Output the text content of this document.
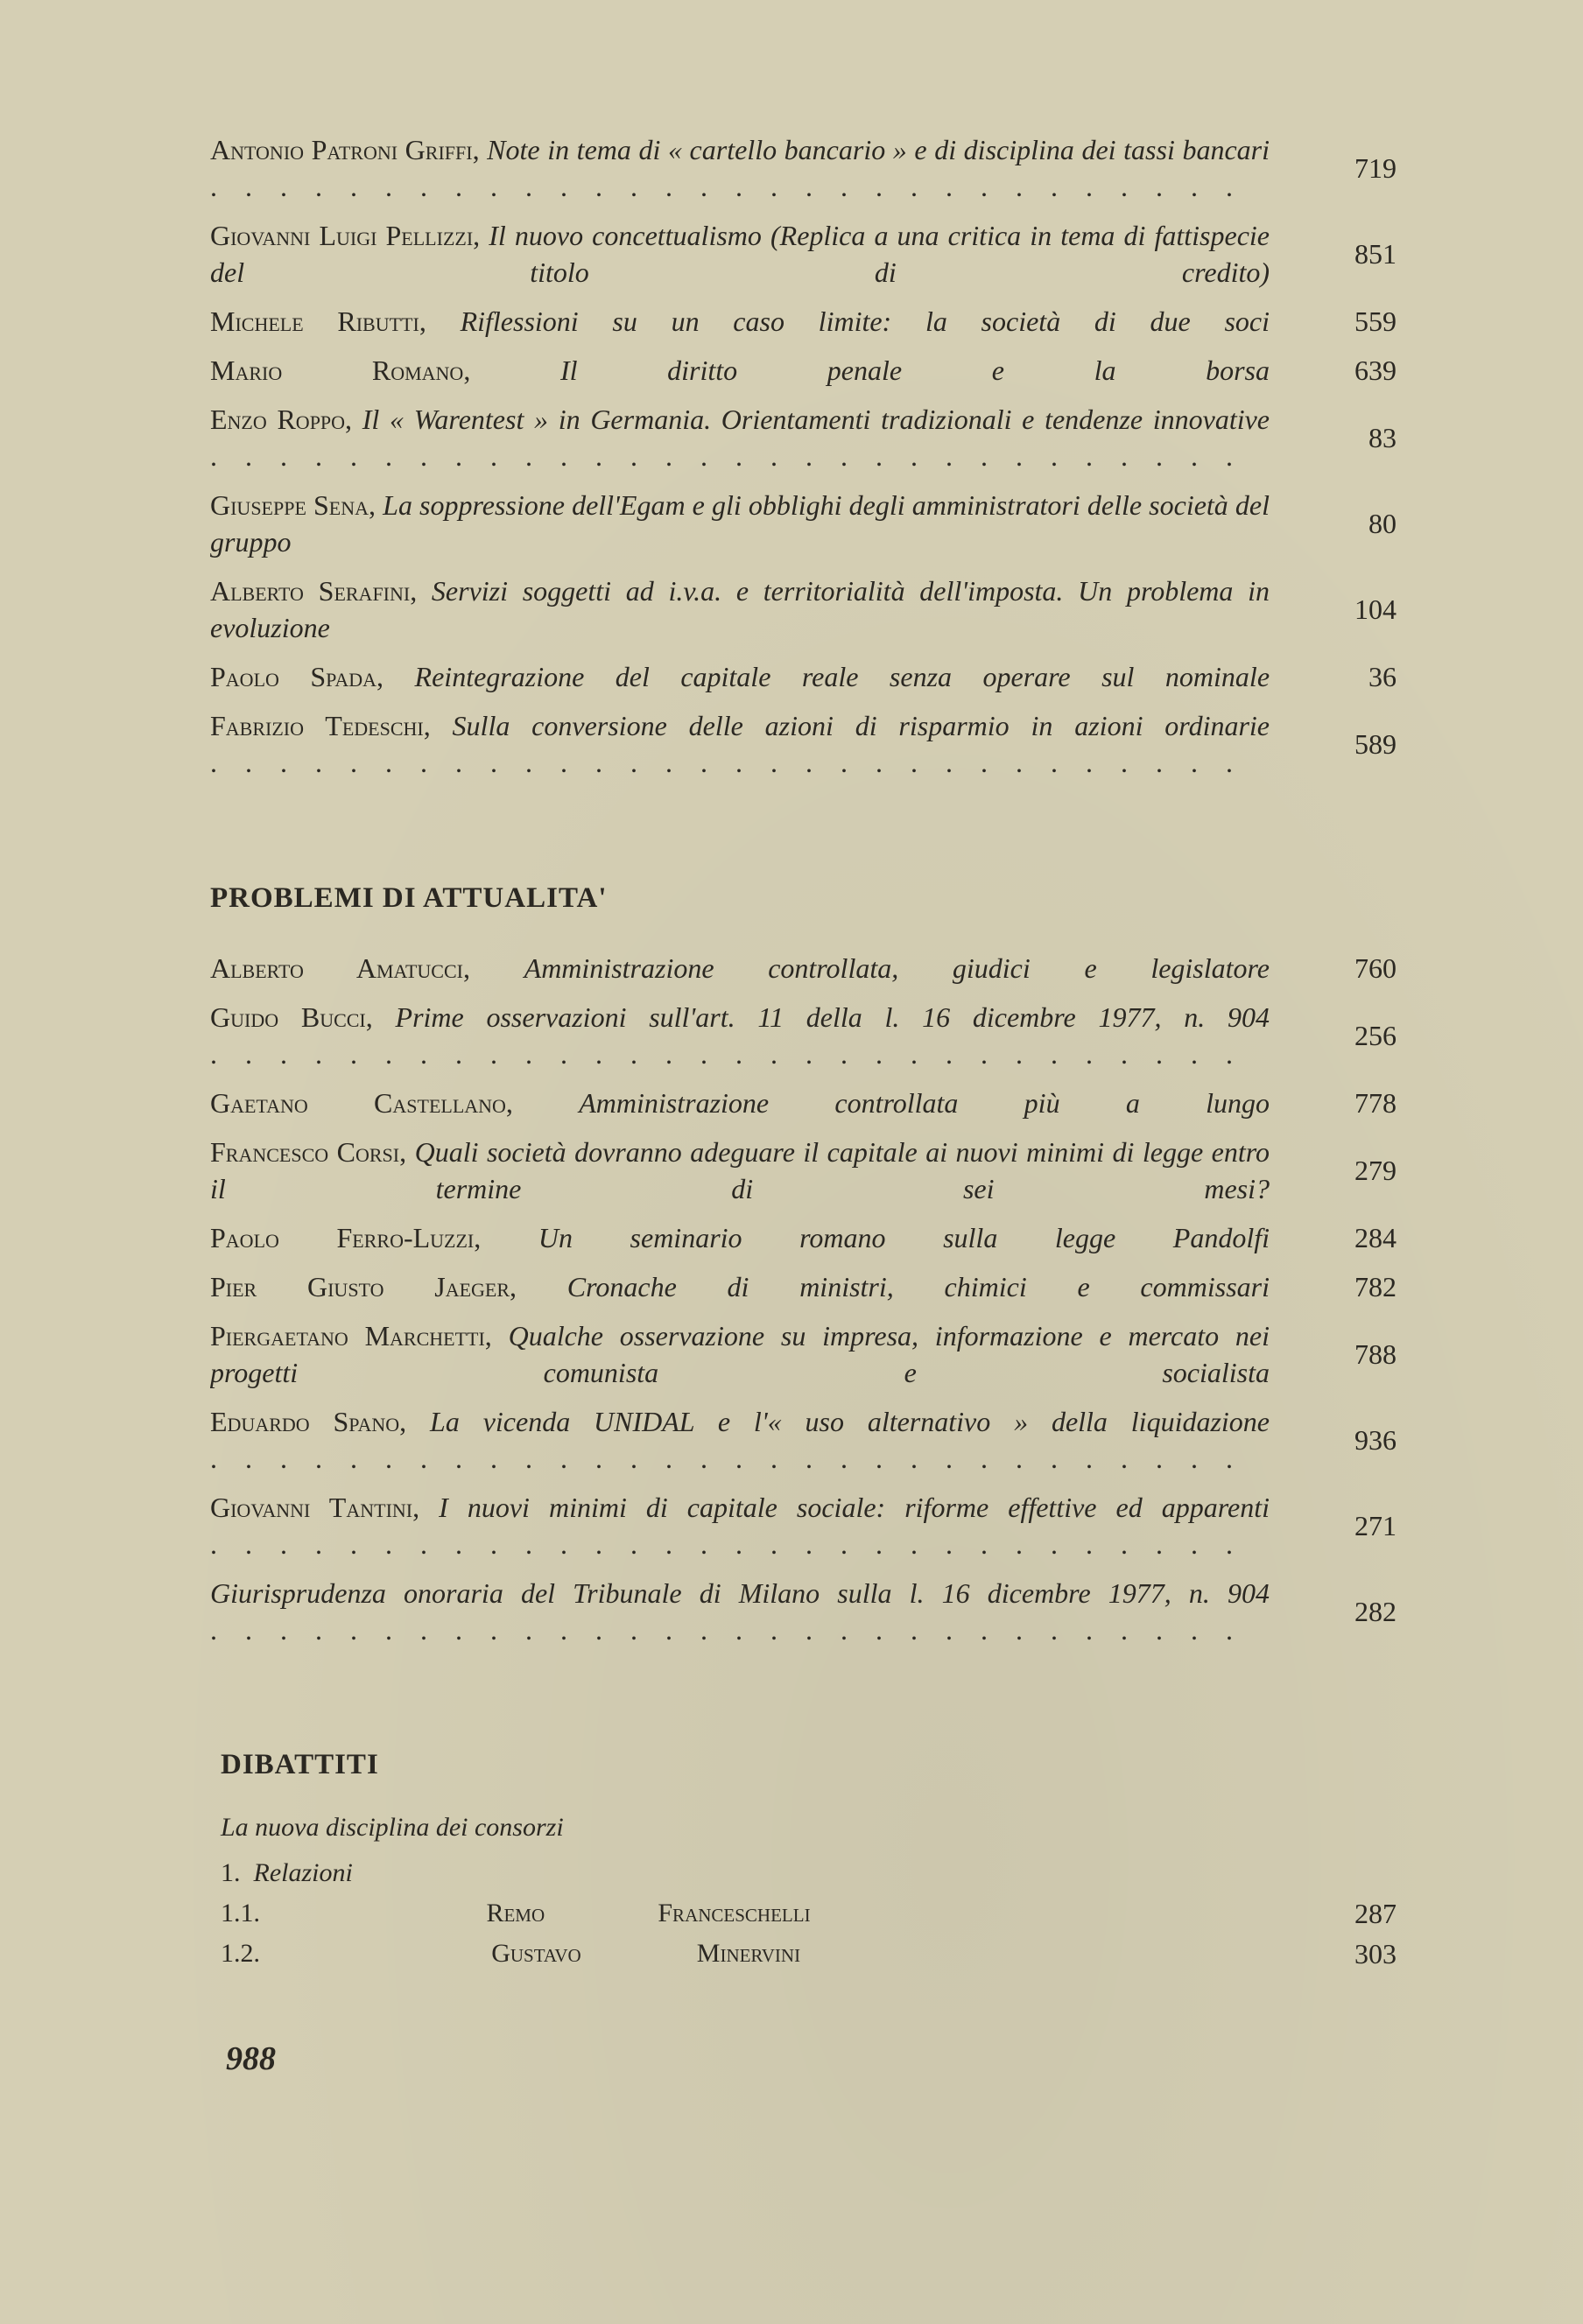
Antonio Patroni Griffi, Note in tema di « cartello bancario » e di disciplina dei tassi bancari .
719
Giovanni Luigi Pellizzi, Il nuovo concettualismo (Replica a una critica in tema di fattispecie del titolo di credito) .
851
Michele Ributti, Riflessioni su un caso limite: la società di due soci .	559
Mario Romano,	Il diritto penale e la borsa .	639
Enzo Roppo, Il « Warentest » in Germania. Orientamenti tradizionali e tendenze innovative .
83
Giuseppe Sena, La soppressione dell'Egam e gli obblighi degli amministratori delle società del gruppo .
80
Alberto Serafini, Servizi soggetti ad i.v.a. e territorialità dell'imposta. Un problema in evoluzione .
104
Paolo Spada, Reintegrazione del capitale reale senza operare sul nominale .	36
Fabrizio Tedeschi, Sulla conversione delle azioni di risparmio in azioni ordinarie .
589
PROBLEMI DI ATTUALITA'
Alberto Amatucci, Amministrazione controllata, giudici e legislatore .	760
Guido Bucci, Prime osservazioni sull'art. 11 della l. 16 dicembre 1977, n. 904 .
256
Gaetano Castellano, Amministrazione controllata più a lungo .	778
Francesco Corsi, Quali società dovranno adeguare il capitale ai nuovi minimi di legge entro il termine di sei mesi? .
279
Paolo Ferro-Luzzi, Un seminario romano sulla legge Pandolfi .	284
Pier Giusto Jaeger, Cronache di ministri, chimici e commissari .	782
Piergaetano Marchetti, Qualche osservazione su impresa, informazione e mercato nei progetti comunista e socialista .
788
Eduardo Spano, La vicenda UNIDAL e l'« uso alternativo » della liquidazione .
936
Giovanni Tantini, I nuovi minimi di capitale sociale: riforme effettive ed apparenti .
271
Giurisprudenza onoraria del Tribunale di Milano sulla l. 16 dicembre 1977, n. 904 .
282
DIBATTITI
La nuova disciplina dei consorzi
1. Relazioni
1.1.	Remo Franceschelli      .	287
1.2.	Gustavo Minervini      .	303
988
